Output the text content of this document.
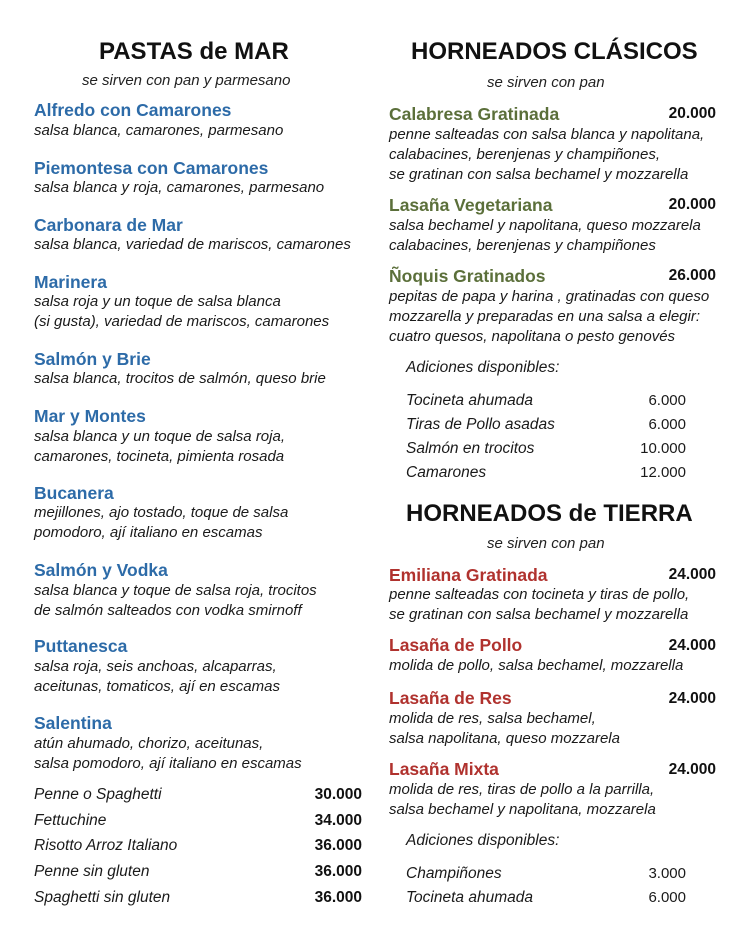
PASTAS de MAR
se sirven con pan y parmesano
Alfredo con Camarones
salsa blanca, camarones, parmesano
Piemontesa con Camarones
salsa blanca y roja, camarones, parmesano
Carbonara de Mar
salsa blanca, variedad de mariscos, camarones
Marinera
salsa roja y un toque de salsa blanca
(si gusta), variedad de mariscos, camarones
Salmón y Brie
salsa blanca, trocitos de salmón, queso brie
Mar y Montes
salsa blanca y un toque de salsa roja,
camarones, tocineta, pimienta rosada
Bucanera
mejillones, ajo tostado, toque de salsa
pomodoro, ají italiano en escamas
Salmón y Vodka
salsa blanca y toque de salsa roja, trocitos
de salmón salteados con vodka smirnoff
Puttanesca
salsa roja, seis anchoas, alcaparras,
aceitunas, tomaticos, ají en escamas
Salentina
atún ahumado, chorizo, aceitunas,
salsa pomodoro, ají italiano en escamas
Penne o Spaghetti	30.000
Fettuchine	34.000
Risotto Arroz Italiano	36.000
Penne sin gluten	36.000
Spaghetti sin gluten	36.000
HORNEADOS CLÁSICOS
se sirven con pan
Calabresa Gratinada	20.000
penne salteadas con salsa blanca y napolitana,
calabacines, berenjenas y champiñones,
se gratinan con salsa bechamel y mozzarella
Lasaña Vegetariana	20.000
salsa bechamel y napolitana, queso mozzarela
calabacines, berenjenas y champiñones
Ñoquis Gratinados	26.000
pepitas de papa y harina , gratinadas con queso
mozzarella y preparadas en una salsa a elegir:
cuatro quesos, napolitana o pesto genovés
Adiciones disponibles:
Tocineta ahumada	6.000
Tiras de Pollo asadas	6.000
Salmón en trocitos	10.000
Camarones	12.000
HORNEADOS de TIERRA
se sirven con pan
Emiliana Gratinada	24.000
penne salteadas con tocineta y tiras de pollo,
se gratinan con salsa bechamel y mozzarella
Lasaña de Pollo	24.000
molida de pollo, salsa bechamel, mozzarella
Lasaña de Res	24.000
molida de res, salsa bechamel,
salsa napolitana, queso mozzarela
Lasaña Mixta	24.000
molida de res, tiras de pollo a la parrilla,
salsa bechamel y napolitana, mozzarela
Adiciones disponibles:
Champiñones	3.000
Tocineta ahumada	6.000
